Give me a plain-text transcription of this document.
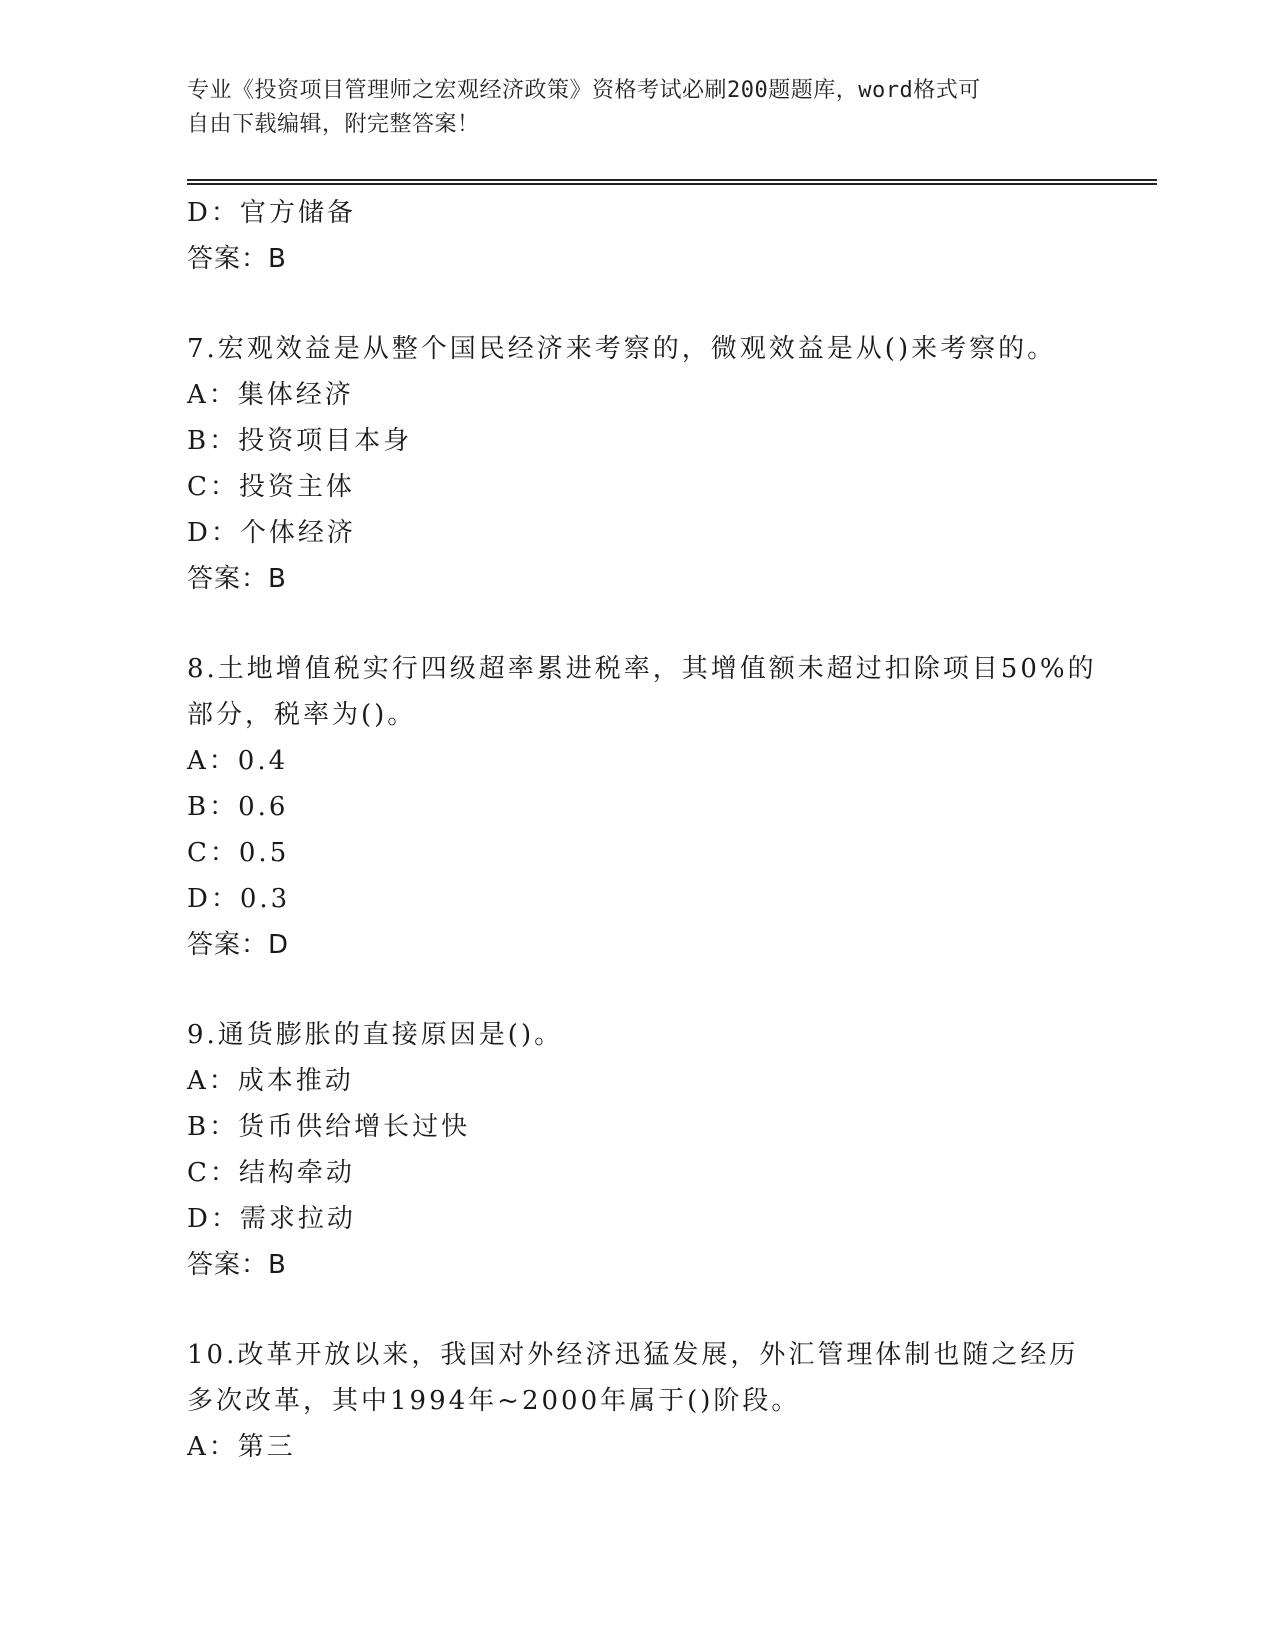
专业《投资项目管理师之宏观经济政策》资格考试必刷200题题库，word格式可
自由下载编辑，附完整答案！
D：官方储备
答案：B
7.宏观效益是从整个国民经济来考察的，微观效益是从()来考察的。
A：集体经济
B：投资项目本身
C：投资主体
D：个体经济
答案：B
8.土地增值税实行四级超率累进税率，其增值额未超过扣除项目50%的
部分，税率为()。
A：0.4
B：0.6
C：0.5
D：0.3
答案：D
9.通货膨胀的直接原因是()。
A：成本推动
B：货币供给增长过快
C：结构牵动
D：需求拉动
答案：B
10.改革开放以来，我国对外经济迅猛发展，外汇管理体制也随之经历
多次改革，其中1994年~2000年属于()阶段。
A：第三
